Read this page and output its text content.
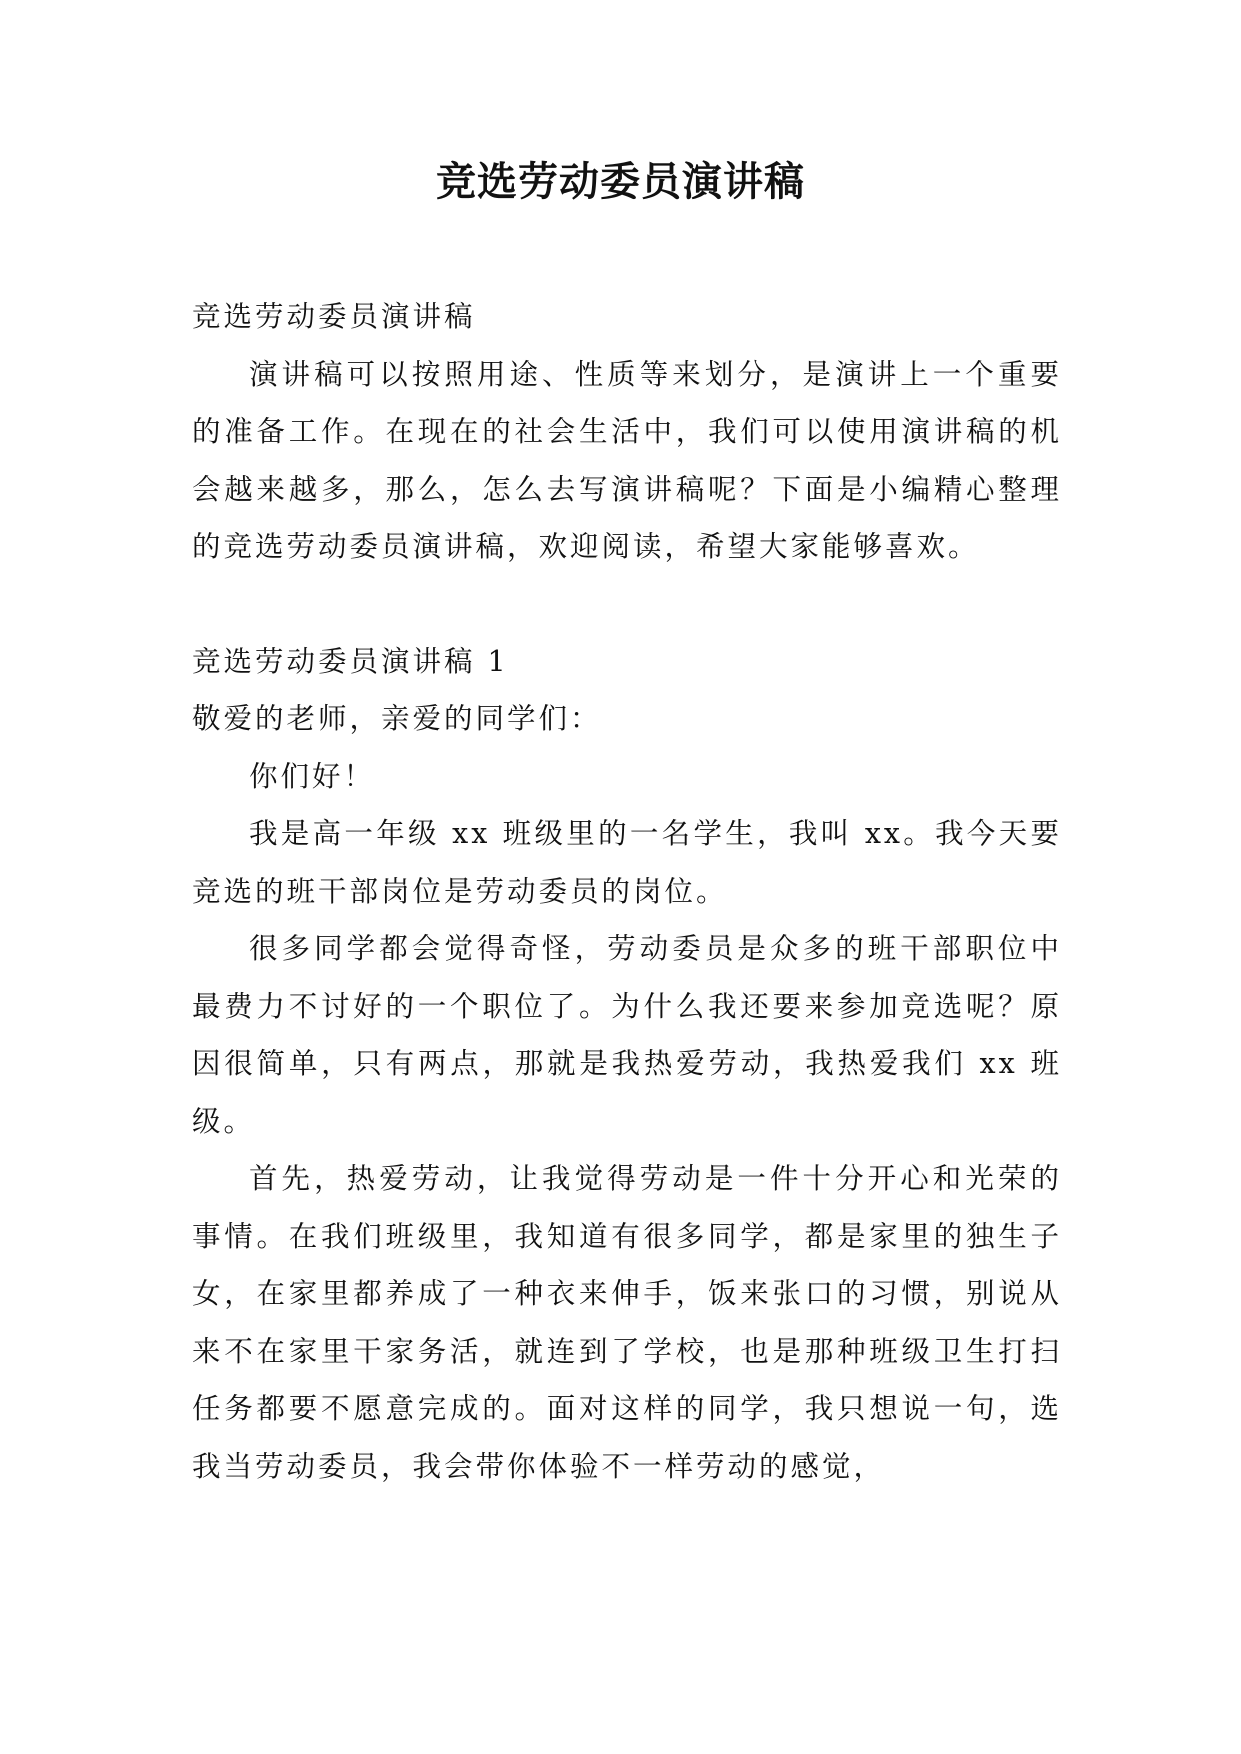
竞选劳动委员演讲稿

竞选劳动委员演讲稿

演讲稿可以按照用途、性质等来划分，是演讲上一个重要的准备工作。在现在的社会生活中，我们可以使用演讲稿的机会越来越多，那么，怎么去写演讲稿呢？下面是小编精心整理的竞选劳动委员演讲稿，欢迎阅读，希望大家能够喜欢。

竞选劳动委员演讲稿 1

敬爱的老师，亲爱的同学们：

你们好！

我是高一年级 xx 班级里的一名学生，我叫 xx。我今天要竞选的班干部岗位是劳动委员的岗位。

很多同学都会觉得奇怪，劳动委员是众多的班干部职位中最费力不讨好的一个职位了。为什么我还要来参加竞选呢？原因很简单，只有两点，那就是我热爱劳动，我热爱我们 xx 班级。

首先，热爱劳动，让我觉得劳动是一件十分开心和光荣的事情。在我们班级里，我知道有很多同学，都是家里的独生子女，在家里都养成了一种衣来伸手，饭来张口的习惯，别说从来不在家里干家务活，就连到了学校，也是那种班级卫生打扫任务都要不愿意完成的。面对这样的同学，我只想说一句，选我当劳动委员，我会带你体验不一样劳动的感觉，
